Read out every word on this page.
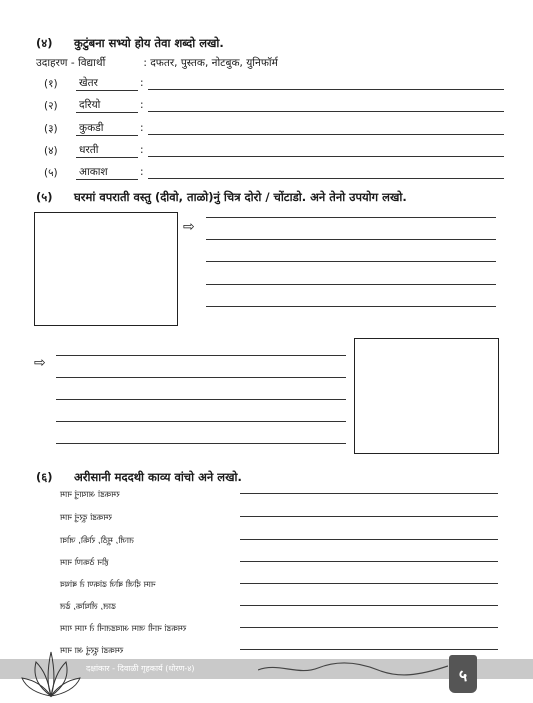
(४) कुटुंबना सभ्यो होय तेवा शब्दो लखो.
उदाहरण - विद्यार्थी	: दफतर, पुस्तक, नोटबुक, युनिफॉर्म
(१) खेतर	:
(२) दरियो	:
(३) कुकडी	:
(४) धरती	:
(५) आकाश	:
(५) घरमां वपराती वस्तु (दीवो, ताळो)नुं चित्र दोरो / चोंटाडो. अने तेनो उपयोग लखो.
⇨
⇨
(६) अरीसानी मददथी काव्य वांचो अने लखो.
रमकडां आयानुं नाम
रमकडां दूरनुं नाम
ताजी, मूठी, रोकी, जोवा
हीन ठेकाणे नाम
नाम दीजी बोजे ढांकण ते बांधव
ढाल, लीघोक, ढेल
रमकडां नानी जाम आवडतानी ते गाम गाम
रमकडां दूरनुं आ नाम
दक्षांकार - दिवाळी गृहकार्य (धोरण-४)	५
